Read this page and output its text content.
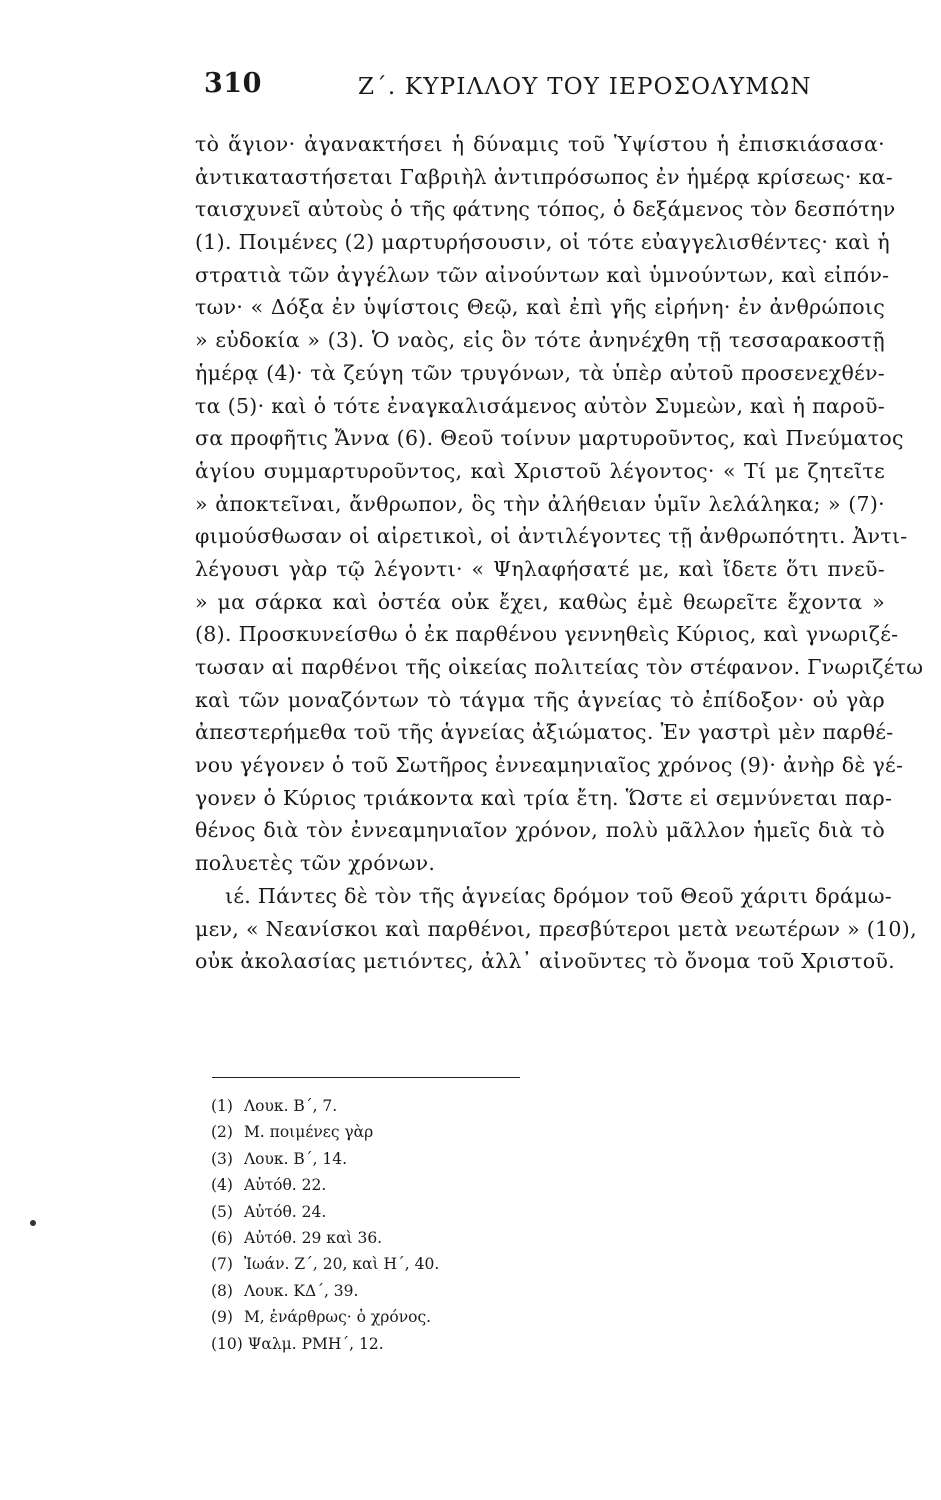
310	Ζ΄. ΚΥΡΙΛΛΟΥ ΤΟΥ ΙΕΡΟΣΟΛΥΜΩΝ
τὸ ἅγιον· ἀγανακτήσει ἡ δύναμις τοῦ Ὑψίστου ἡ ἐπισκιάσασα·
ἀντικαταστήσεται Γαβριὴλ ἀντιπρόσωπος ἐν ἡμέρᾳ κρίσεως· κα-
ταισχυνεῖ αὐτοὺς ὁ τῆς φάτνης τόπος, ὁ δεξάμενος τὸν δεσπότην
(1). Ποιμένες (2) μαρτυρήσουσιν, οἱ τότε εὐαγγελισθέντες· καὶ ἡ
στρατιὰ τῶν ἀγγέλων τῶν αἰνούντων καὶ ὑμνούντων, καὶ εἰπόν-
των· « Δόξα ἐν ὑψίστοις Θεῷ, καὶ ἐπὶ γῆς εἰρήνη· ἐν ἀνθρώποις
» εὐδοκία » (3). Ὁ ναὸς, εἰς ὃν τότε ἀνηνέχθη τῇ τεσσαρακοστῇ
ἡμέρᾳ (4)· τὰ ζεύγη τῶν τρυγόνων, τὰ ὑπὲρ αὐτοῦ προσενεχθέν-
τα (5)· καὶ ὁ τότε ἐναγκαλισάμενος αὐτὸν Συμεὼν, καὶ ἡ παροῦ-
σα προφῆτις Ἄννα (6). Θεοῦ τοίνυν μαρτυροῦντος, καὶ Πνεύματος
ἁγίου συμμαρτυροῦντος, καὶ Χριστοῦ λέγοντος· « Τί με ζητεῖτε
» ἀποκτεῖναι, ἄνθρωπον, ὃς τὴν ἀλήθειαν ὑμῖν λελάληκα; » (7)·
φιμούσθωσαν οἱ αἱρετικοὶ, οἱ ἀντιλέγοντες τῇ ἀνθρωπότητι. Ἀντι-
λέγουσι γὰρ τῷ λέγοντι· « Ψηλαφήσατέ με, καὶ ἴδετε ὅτι πνεῦ-
» μα σάρκα καὶ ὀστέα οὐκ ἔχει, καθὼς ἐμὲ θεωρεῖτε ἔχοντα »
(8). Προσκυνείσθω ὁ ἐκ παρθένου γεννηθεὶς Κύριος, καὶ γνωριζέ-
τωσαν αἱ παρθένοι τῆς οἰκείας πολιτείας τὸν στέφανον. Γνωριζέτω
καὶ τῶν μοναζόντων τὸ τάγμα τῆς ἁγνείας τὸ ἐπίδοξον· οὐ γὰρ
ἀπεστερήμεθα τοῦ τῆς ἁγνείας ἀξιώματος. Ἐν γαστρὶ μὲν παρθέ-
νου γέγονεν ὁ τοῦ Σωτῆρος ἐννεαμηνιαῖος χρόνος (9)· ἀνὴρ δὲ γέ-
γονεν ὁ Κύριος τριάκοντα καὶ τρία ἔτη. Ὥστε εἰ σεμνύνεται παρ-
θένος διὰ τὸν ἐννεαμηνιαῖον χρόνον, πολὺ μᾶλλον ἡμεῖς διὰ τὸ
πολυετὲς τῶν χρόνων.
ιέ. Πάντες δὲ τὸν τῆς ἁγνείας δρόμον τοῦ Θεοῦ χάριτι δράμω-
μεν, « Νεανίσκοι καὶ παρθένοι, πρεσβύτεροι μετὰ νεωτέρων » (10),
οὐκ ἀκολασίας μετιόντες, ἀλλ᾽ αἰνοῦντες τὸ ὄνομα τοῦ Χριστοῦ.
(1) Λουκ. Β΄, 7.
(2) Μ. ποιμένες γὰρ
(3) Λουκ. Β΄, 14.
(4) Αὐτόθ. 22.
(5) Αὐτόθ. 24.
(6) Αὐτόθ. 29 καὶ 36.
(7) Ἰωάν. Ζ΄, 20, καὶ Η΄, 40.
(8) Λουκ. ΚΔ΄, 39.
(9) Μ, ἐνάρθρως· ὁ χρόνος.
(10) Ψαλμ. ΡΜΗ΄, 12.
